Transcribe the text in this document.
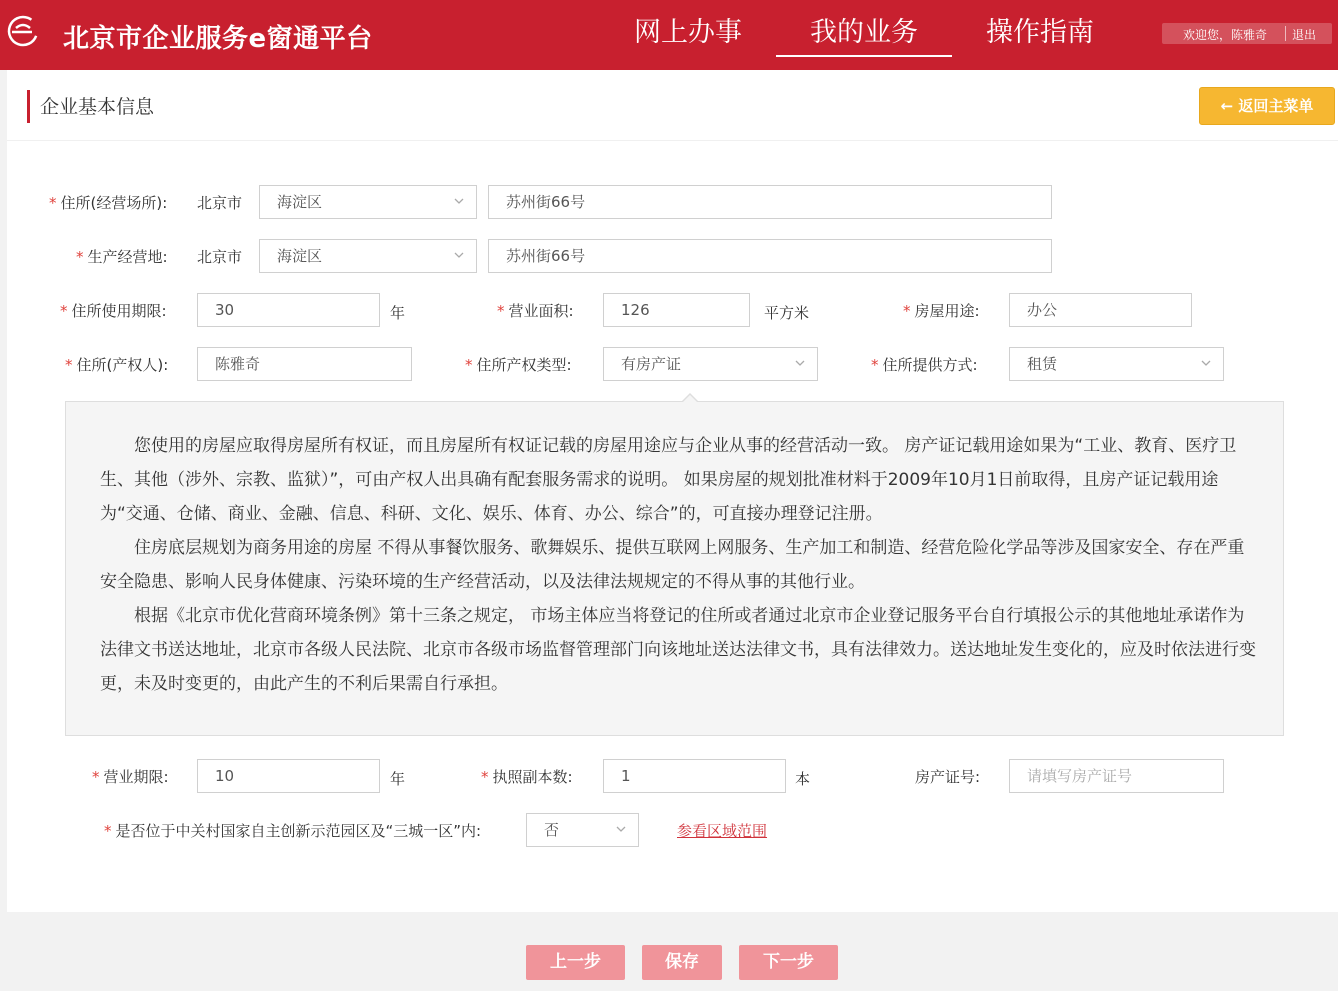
北京市企业服务e窗通平台	网上办事	我的业务	操作指南	欢迎您，陈雅奇 退出
企业基本信息	← 返回主菜单
* 住所(经营场所): 北京市	海淀区	苏州街66号
* 生产经营地: 北京市	海淀区	苏州街66号
* 住所使用期限:	30	年	* 营业面积:	126	平方米	* 房屋用途:	办公
* 住所(产权人):	陈雅奇	* 住所产权类型:	有房产证	* 住所提供方式:	租赁

您使用的房屋应取得房屋所有权证，而且房屋所有权证记载的房屋用途应与企业从事的经营活动一致。 房产证记载用途如果为“工业、教育、医疗卫生、其他（涉外、宗教、监狱）”，可由产权人出具确有配套服务需求的说明。 如果房屋的规划批准材料于2009年10月1日前取得，且房产证记载用途为“交通、仓储、商业、金融、信息、科研、文化、娱乐、体育、办公、综合”的，可直接办理登记注册。

住房底层规划为商务用途的房屋 不得从事餐饮服务、歌舞娱乐、提供互联网上网服务、生产加工和制造、经营危险化学品等涉及国家安全、存在严重安全隐患、影响人民身体健康、污染环境的生产经营活动，以及法律法规规定的不得从事的其他行业。

根据《北京市优化营商环境条例》第十三条之规定， 市场主体应当将登记的住所或者通过北京市企业登记服务平台自行填报公示的其他地址承诺作为法律文书送达地址，北京市各级人民法院、北京市各级市场监督管理部门向该地址送达法律文书，具有法律效力。送达地址发生变化的，应及时依法进行变更，未及时变更的，由此产生的不利后果需自行承担。

* 营业期限:	10	年	* 执照副本数:	1	本	房产证号:	请填写房产证号
* 是否位于中关村国家自主创新示范园区及“三城一区”内:	否	参看区域范围
上一步	保存	下一步
